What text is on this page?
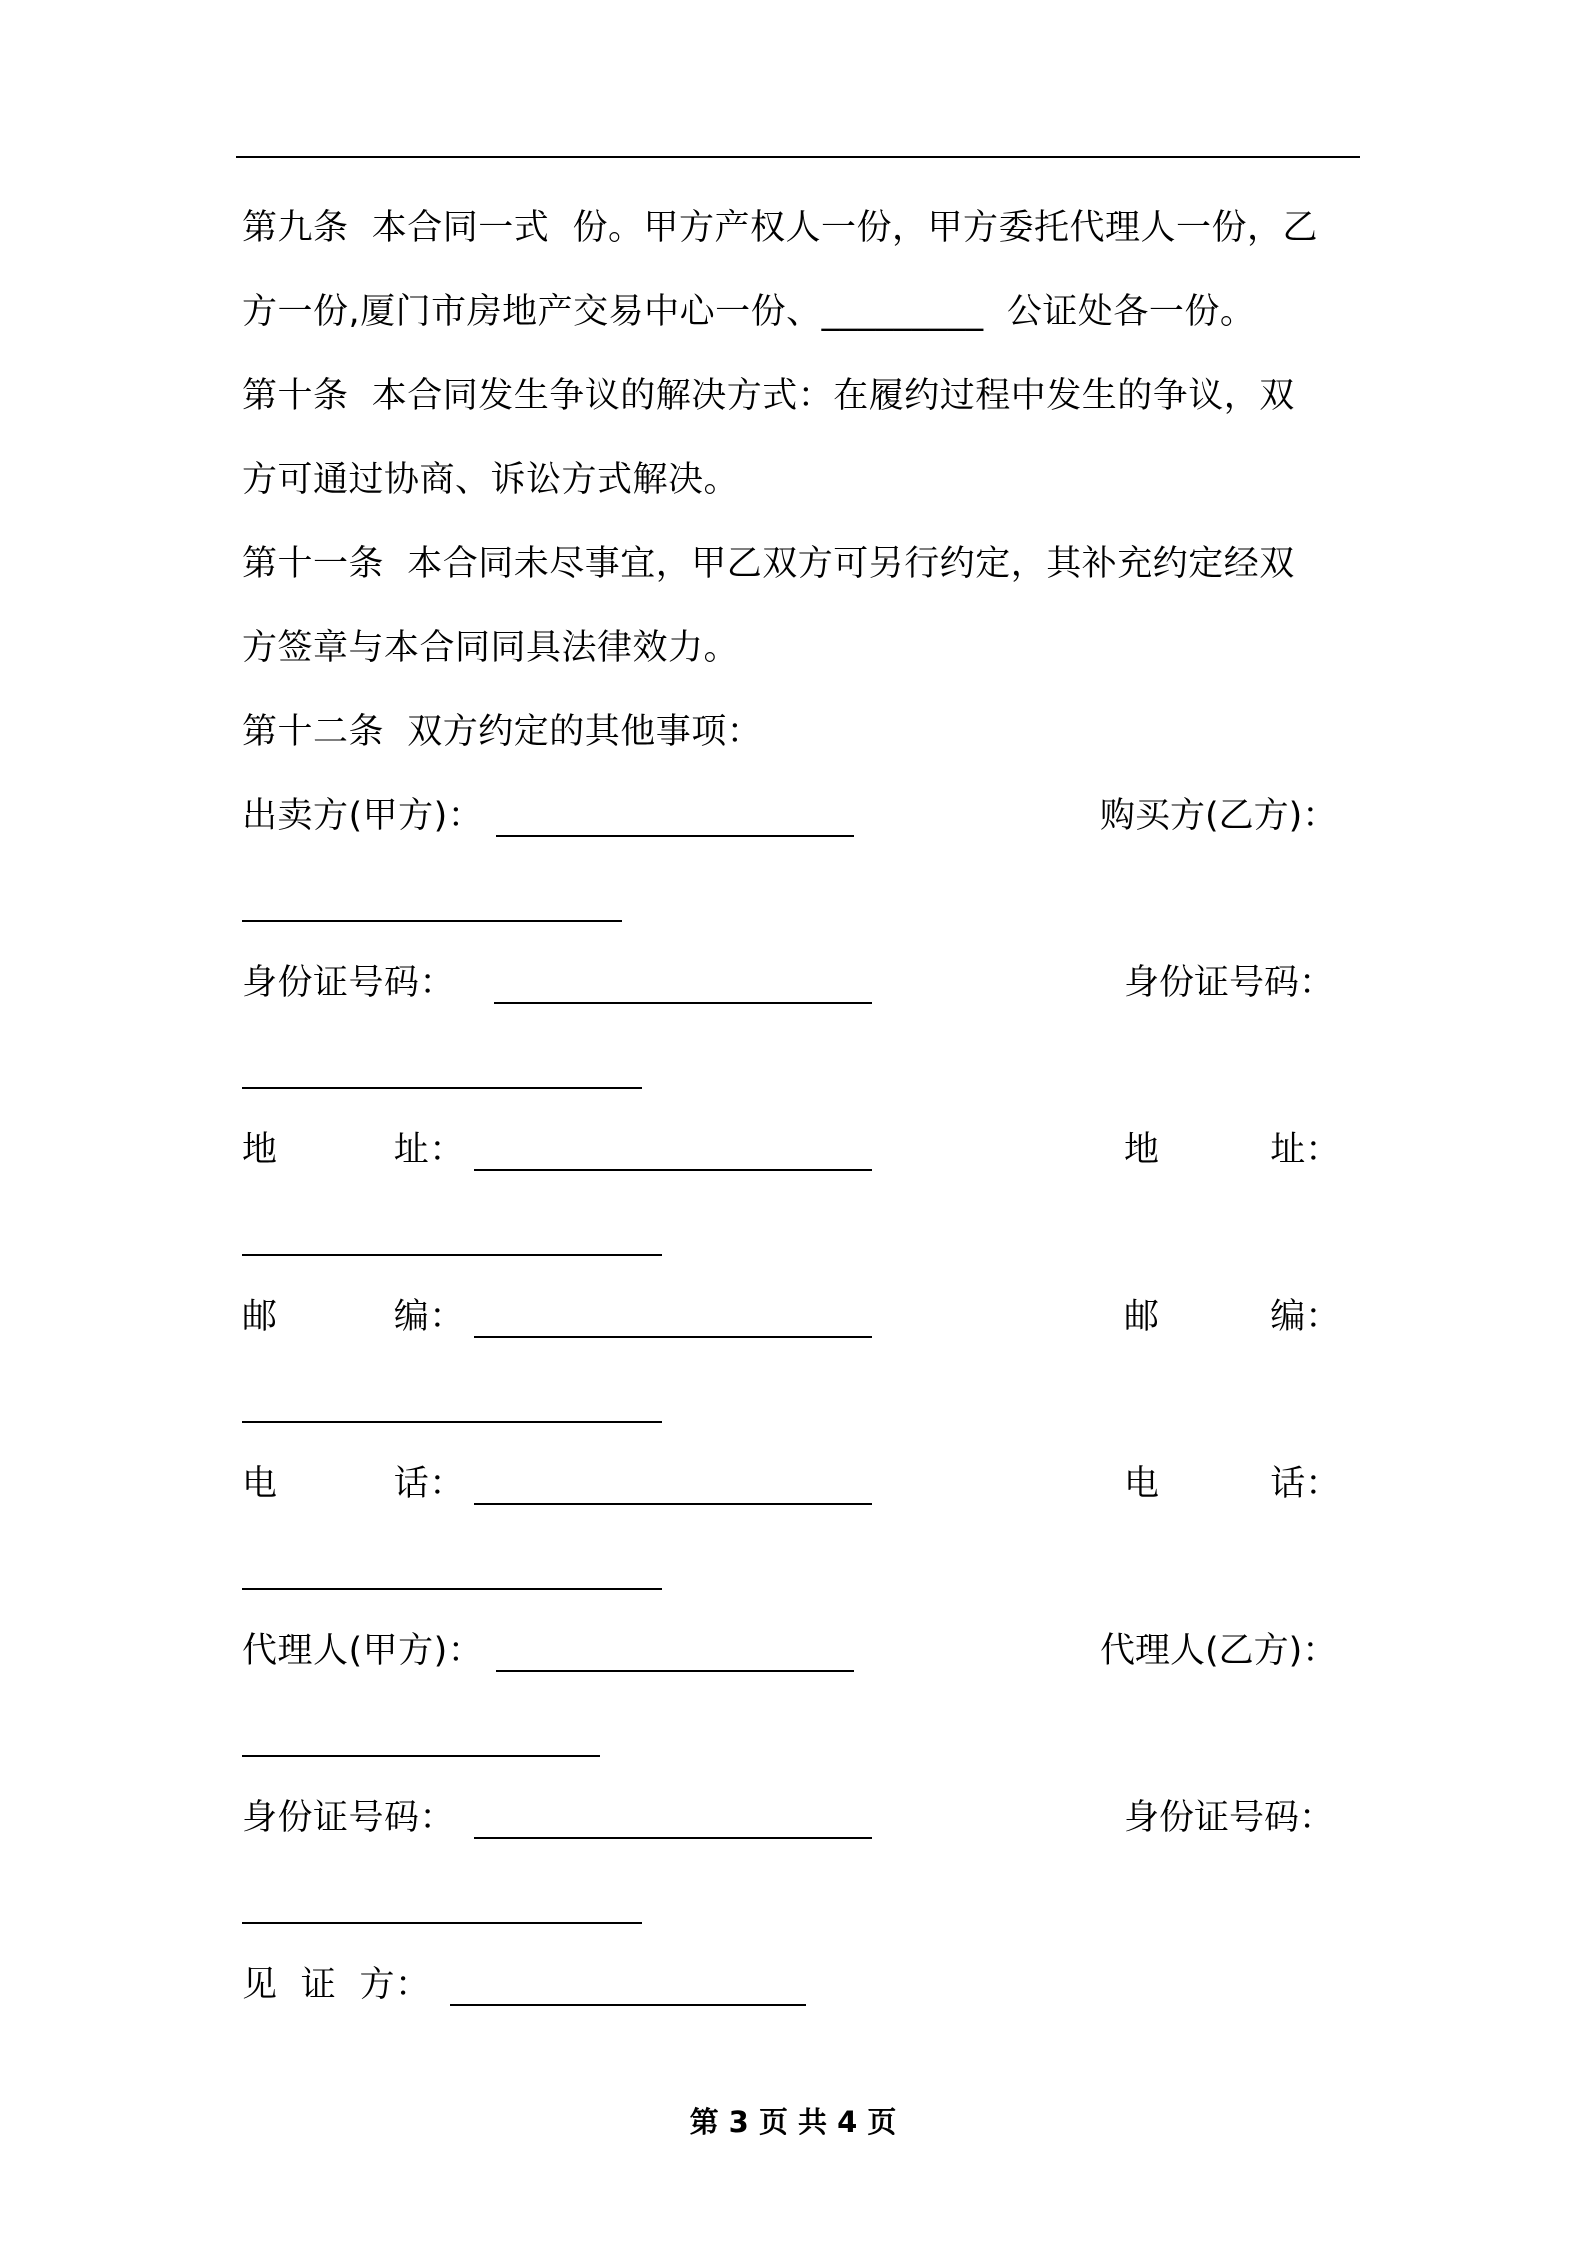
第九条  本合同一式  份。甲方产权人一份，甲方委托代理人一份，乙
方一份,厦门市房地产交易中心一份、_________  公证处各一份。
第十条  本合同发生争议的解决方式：在履约过程中发生的争议，双
方可通过协商、诉讼方式解决。
第十一条  本合同未尽事宜，甲乙双方可另行约定，其补充约定经双
方签章与本合同同具法律效力。
第十二条  双方约定的其他事项：
出卖方(甲方)：	购买方(乙方)：
身份证号码：	身份证号码：
地          址：	地          址：
邮          编：	邮          编：
电          话：	电          话：
代理人(甲方)：	代理人(乙方)：
身份证号码：	身份证号码：
见  证  方：
第 3 页 共 4 页
